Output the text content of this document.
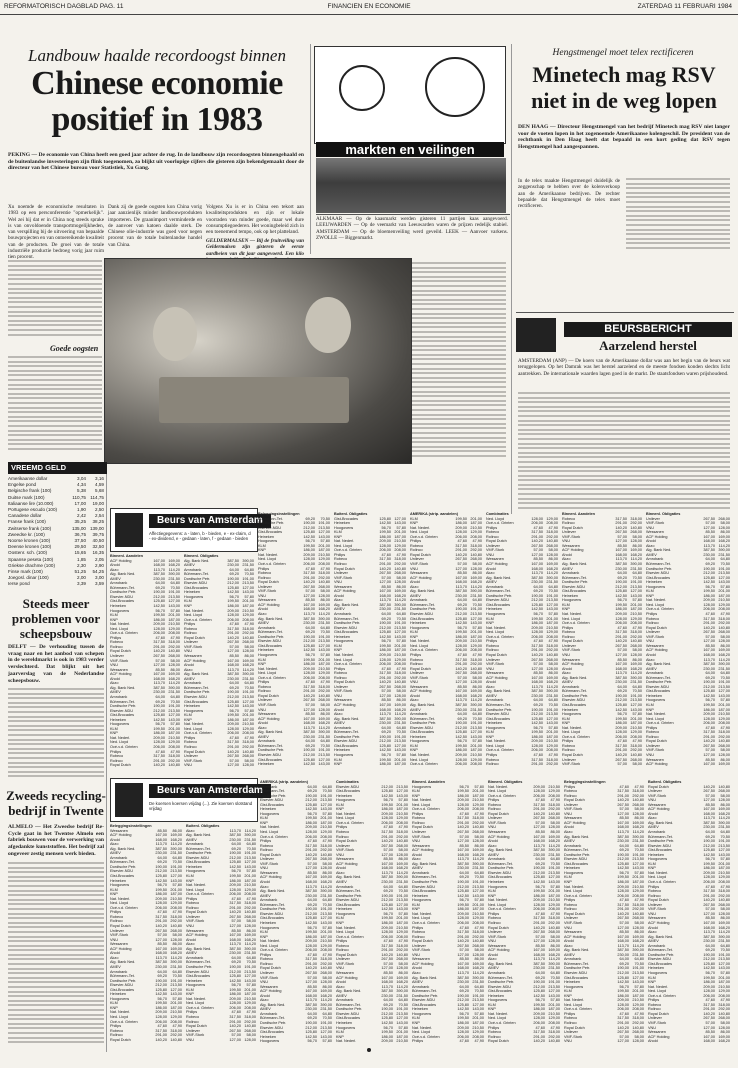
REFORMATORISCH DAGBLAD PAG. 11	FINANCIEN EN ECONOMIE	ZATERDAG 11 FEBRUARI 1984
Landbouw haalde recordoogst binnen
Chinese economie
positief in 1983
PEKING — De economie van China heeft een goed jaar achter de rug. In de landbouw zijn recordoogsten binnengehaald en de buitenlandse investeringen zijn flink toegenomen, zo blijkt uit voorlopige cijfers die gisteren zijn bekendgemaakt door de directeur van het Chinese bureau voor Statistiek, Xu Gang.
Xu noemde de economische resultaten in 1983 op een persconferentie "opmerkelijk". Wel zei hij dat er in China nog steeds sprake is van onvoldoende transportmogelijkheden, van verspilling bij de uitvoering van bepaalde bouwprojecten en van ontoereikende kwaliteit van de producten. De groei van de totale industriële productie bedroeg vorig jaar ruim tien procent.
Volgens Xu is er in China een tekort aan kwaliteitsprodukten en zijn er lokale voorraden van minder goede, maar wel dure consumptiegoederen. Het woningbeleid zich in een toenemend tempo, ook op het platteland.
GELDERMALSEN — Bij de fruitveiling van Geldermalsen zijn gisteren de eerste aardbeien van dit jaar aangevoerd. Een kilo
Dank zij de goede oogsten kon China vorig jaar aanzienlijk minder landbouwprodukten importeren. De graanimport verminderde en de aanvoer van katoen daalde sterk. De Chinese olie-industrie was goed voor negen procent van de totale buitenlandse handel van China.
Goede oogsten
markten en veilingen
ALKMAAR — Op de kaasmarkt werden gisteren 11 partijen kaas aangevoerd. LEEUWARDEN — Op de veemarkt van Leeuwarden waren de prijzen redelijk stabiel. AMSTERDAM — Op de bloemenveiling werd geveild. LEEK — Aanvoer varkens. ZWOLLE — Biggenmarkt.
Hengstmengel moet telex rectificeren
Minetech mag RSV
niet in de weg lopen
DEN HAAG — Directeur Hengstmengel van het bedrijf Minetech mag RSV niet langer voor de voeten lopen in het zogenoemde Amerikaanse kolengeschil. De president van de rechtbank in Den Haag heeft dat bepaald in een kort geding dat RSV tegen Hengstmengel had aangespannen.
In de telex maakte Hengstmengel duidelijk de zeggenschap te hebben over de kolenverkoop aan de Amerikaanse bedrijven. De rechter bepaalde dat Hengstmengel de telex moet rectificeren.
BEURSBERICHT
Aarzelend herstel
AMSTERDAM (ANP) — De koers van de Amerikaanse dollar was aan het begin van de beurs wat teruggelopen. Op het Damrak was het herstel aarzelend en de meeste fondsen konden slechts licht aantrekken. De internationale waarden lagen goed in de markt. De staatsfondsen waren prijshoudend.
VREEMD GELD
Amerikaanse dollar	3,04	3,16
Engelse pond	4,34	4,59
Belgische frank (100)	5,38	5,68
Duitse mark (100)	110,75 114,75
Italiaanse lire (10.000)	17,00	19,00
Portugese escudo (100)	1,90	2,50
Canadese dollar	2,42	2,54
Franse frank (100)	35,25	38,25
Zwitserse frank (100)	135,00 139,00
Zweedse kr. (100)	36,75	39,75
Noorse kronen (100)	37,50	40,50
Deense kronen (100)	29,50	32,50
Oostenr. sch. (100)	15,65	16,35
Spaanse peseta (100)	1,85	2,05
Griekse drachme (100)	2,30	2,90
Finse mark (100)	51,25	54,25
Joegosl. dinar (100)	2,00	3,00
Ierse pond	3,39	3,59
Steeds meer problemen voor scheepsbouw
DELFT — De verhouding tussen de vraag naar en het aanbod van schepen in de wereldmarkt is ook in 1983 verder verslechterd. Dat blijkt uit het jaarverslag van de Nederlandse scheepsbouw.
Zweeds recycling-bedrijf in Twente
ALMELO — Het Zweedse bedrijf Re-Cycle gaat in het Twentse Almelo een fabriek bouwen voor de verwerking van afgedankte kunststoffen. Het bedrijf zal ongeveer zestig mensen werk bieden.
Beurs van Amsterdam
Affectiegegevens: a - laten, b - bieden, e - ex-claim, d - ex-dividend, e - gedaan - laten, f - gedaan - bieden
Beurs van Amsterdam
De koersen koersen vrijdag (...). Zie koersen slotstand vrijdag
Binnenl. Aandelen
ACF Holding	167,00 169,00
Ahold	168,00 168,20
Akzo	113,70 114,20
Alg. Bank Ned.	387,50 390,00
AMEV	230,00 231,50
Amrobank	64,00	64,80
Bührmann-Tet.	69,20	70,50
Dordtsche Petr.	190,00 191,00
Elsevier-NDU	212,00 213,50
Gist-Brocades	125,80 127,00
Heineken	142,50 143,00
Hoogovens	56,70	57,80
KLM	199,50 201,00
KNP	186,00 187,00
Nat. Nederl.	209,00 210,50
Ned. Lloyd	128,00 129,00
Océ-v.d. Grinten	206,00 208,00
Philips	47,60	47,90
Robeco	317,50 318,00
Rolinco	291,00 292,00
Royal Dutch	140,20 140,80
Unilever	267,50 268,00
VMF-Stork	57,00	58,00
VNU	127,00 128,00
Wessanen	85,50	86,00
ACF Holding	167,00 169,00
Ahold	168,00 168,20
Akzo	113,70 114,20
Alg. Bank Ned.	387,50 390,00
AMEV	230,00 231,50
Amrobank	64,00	64,80
Bührmann-Tet.	69,20	70,50
Dordtsche Petr.	190,00 191,00
Elsevier-NDU	212,00 213,50
Gist-Brocades	125,80 127,00
Heineken	142,50 143,00
Hoogovens	56,70	57,80
KLM	199,50 201,00
KNP	186,00 187,00
Nat. Nederl.	209,00 210,50
Ned. Lloyd	128,00 129,00
Océ-v.d. Grinten	206,00 208,00
Philips	47,60	47,90
Robeco	317,50 318,00
Rolinco	291,00 292,00
Royal Dutch	140,20 140,80
Binnenl. Obligaties
Alg. Bank Ned.	387,50 390,00
AMEV	230,00 231,50
Amrobank	64,00	64,80
Bührmann-Tet.	69,20	70,50
Dordtsche Petr.	190,00 191,00
Elsevier-NDU	212,00 213,50
Gist-Brocades	125,80 127,00
Heineken	142,50 143,00
Hoogovens	56,70	57,80
KLM	199,50 201,00
KNP	186,00 187,00
Nat. Nederl.	209,00 210,50
Ned. Lloyd	128,00 129,00
Océ-v.d. Grinten	206,00 208,00
Philips	47,60	47,90
Robeco	317,50 318,00
Rolinco	291,00 292,00
Royal Dutch	140,20 140,80
Unilever	267,50 268,00
VMF-Stork	57,00	58,00
VNU	127,00 128,00
Wessanen	85,50	86,00
ACF Holding	167,00 169,00
Ahold	168,00 168,20
Akzo	113,70 114,20
Alg. Bank Ned.	387,50 390,00
AMEV	230,00 231,50
Amrobank	64,00	64,80
Bührmann-Tet.	69,20	70,50
Dordtsche Petr.	190,00 191,00
Elsevier-NDU	212,00 213,50
Gist-Brocades	125,80 127,00
Heineken	142,50 143,00
Hoogovens	56,70	57,80
KLM	199,50 201,00
KNP	186,00 187,00
Nat. Nederl.	209,00 210,50
Ned. Lloyd	128,00 129,00
Océ-v.d. Grinten	206,00 208,00
Philips	47,60	47,90
Robeco	317,50 318,00
Rolinco	291,00 292,00
Royal Dutch	140,20 140,80
Unilever	267,50 268,00
VMF-Stork	57,00	58,00
VNU	127,00 128,00
Beleggingsinstellingen
Bührmann-Tet.	69,20	70,50
Dordtsche Petr.	190,00 191,00
Elsevier-NDU	212,00 213,50
Gist-Brocades	125,80 127,00
Heineken	142,50 143,00
Hoogovens	56,70	57,80
KLM	199,50 201,00
KNP	186,00 187,00
Nat. Nederl.	209,00 210,50
Ned. Lloyd	128,00 129,00
Océ-v.d. Grinten	206,00 208,00
Philips	47,60	47,90
Robeco	317,50 318,00
Rolinco	291,00 292,00
Royal Dutch	140,20 140,80
Unilever	267,50 268,00
VMF-Stork	57,00	58,00
VNU	127,00 128,00
Wessanen	85,50	86,00
ACF Holding	167,00 169,00
Ahold	168,00 168,20
Akzo	113,70 114,20
Alg. Bank Ned.	387,50 390,00
AMEV	230,00 231,50
Amrobank	64,00	64,80
Bührmann-Tet.	69,20	70,50
Dordtsche Petr.	190,00 191,00
Elsevier-NDU	212,00 213,50
Gist-Brocades	125,80 127,00
Heineken	142,50 143,00
Hoogovens	56,70	57,80
KLM	199,50 201,00
KNP	186,00 187,00
Nat. Nederl.	209,00 210,50
Ned. Lloyd	128,00 129,00
Océ-v.d. Grinten	206,00 208,00
Philips	47,60	47,90
Robeco	317,50 318,00
Rolinco	291,00 292,00
Royal Dutch	140,20 140,80
Unilever	267,50 268,00
VMF-Stork	57,00	58,00
VNU	127,00 128,00
Wessanen	85,50	86,00
ACF Holding	167,00 169,00
Ahold	168,00 168,20
Akzo	113,70 114,20
Alg. Bank Ned.	387,50 390,00
AMEV	230,00 231,50
Amrobank	64,00	64,80
Bührmann-Tet.	69,20	70,50
Dordtsche Petr.	190,00 191,00
Elsevier-NDU	212,00 213,50
Gist-Brocades	125,80 127,00
Heineken	142,50 143,00
Buitenl. Obligaties
Gist-Brocades	125,80 127,00
Heineken	142,50 143,00
Hoogovens	56,70	57,80
KLM	199,50 201,00
KNP	186,00 187,00
Nat. Nederl.	209,00 210,50
Ned. Lloyd	128,00 129,00
Océ-v.d. Grinten	206,00 208,00
Philips	47,60	47,90
Robeco	317,50 318,00
Rolinco	291,00 292,00
Royal Dutch	140,20 140,80
Unilever	267,50 268,00
VMF-Stork	57,00	58,00
VNU	127,00 128,00
Wessanen	85,50	86,00
ACF Holding	167,00 169,00
Ahold	168,00 168,20
Akzo	113,70 114,20
Alg. Bank Ned.	387,50 390,00
AMEV	230,00 231,50
Amrobank	64,00	64,80
Bührmann-Tet.	69,20	70,50
Dordtsche Petr.	190,00 191,00
Elsevier-NDU	212,00 213,50
Gist-Brocades	125,80 127,00
Heineken	142,50 143,00
Hoogovens	56,70	57,80
KLM	199,50 201,00
KNP	186,00 187,00
Nat. Nederl.	209,00 210,50
Ned. Lloyd	128,00 129,00
Océ-v.d. Grinten	206,00 208,00
Philips	47,60	47,90
Robeco	317,50 318,00
Rolinco	291,00 292,00
Royal Dutch	140,20 140,80
Unilever	267,50 268,00
VMF-Stork	57,00	58,00
VNU	127,00 128,00
Wessanen	85,50	86,00
ACF Holding	167,00 169,00
Ahold	168,00 168,20
Akzo	113,70 114,20
Alg. Bank Ned.	387,50 390,00
AMEV	230,00 231,50
Amrobank	64,00	64,80
Bührmann-Tet.	69,20	70,50
Dordtsche Petr.	190,00 191,00
Elsevier-NDU	212,00 213,50
Gist-Brocades	125,80 127,00
Heineken	142,50 143,00
Hoogovens	56,70	57,80
KLM	199,50 201,00
KNP	186,00 187,00
AMERIKA (strip. aandelen)
KLM	199,50 201,00
KNP	186,00 187,00
Nat. Nederl.	209,00 210,50
Ned. Lloyd	128,00 129,00
Océ-v.d. Grinten	206,00 208,00
Philips	47,60	47,90
Robeco	317,50 318,00
Rolinco	291,00 292,00
Royal Dutch	140,20 140,80
Unilever	267,50 268,00
VMF-Stork	57,00	58,00
VNU	127,00 128,00
Wessanen	85,50	86,00
ACF Holding	167,00 169,00
Ahold	168,00 168,20
Akzo	113,70 114,20
Alg. Bank Ned.	387,50 390,00
AMEV	230,00 231,50
Amrobank	64,00	64,80
Bührmann-Tet.	69,20	70,50
Dordtsche Petr.	190,00 191,00
Elsevier-NDU	212,00 213,50
Gist-Brocades	125,80 127,00
Heineken	142,50 143,00
Hoogovens	56,70	57,80
KLM	199,50 201,00
KNP	186,00 187,00
Nat. Nederl.	209,00 210,50
Ned. Lloyd	128,00 129,00
Océ-v.d. Grinten	206,00 208,00
Philips	47,60	47,90
Robeco	317,50 318,00
Rolinco	291,00 292,00
Royal Dutch	140,20 140,80
Unilever	267,50 268,00
VMF-Stork	57,00	58,00
VNU	127,00 128,00
Wessanen	85,50	86,00
ACF Holding	167,00 169,00
Ahold	168,00 168,20
Akzo	113,70 114,20
Alg. Bank Ned.	387,50 390,00
AMEV	230,00 231,50
Amrobank	64,00	64,80
Bührmann-Tet.	69,20	70,50
Dordtsche Petr.	190,00 191,00
Elsevier-NDU	212,00 213,50
Gist-Brocades	125,80 127,00
Heineken	142,50 143,00
Hoogovens	56,70	57,80
KLM	199,50 201,00
KNP	186,00 187,00
Nat. Nederl.	209,00 210,50
Ned. Lloyd	128,00 129,00
Océ-v.d. Grinten	206,00 208,00
Combinaties
Ned. Lloyd	128,00 129,00
Océ-v.d. Grinten	206,00 208,00
Philips	47,60	47,90
Robeco	317,50 318,00
Rolinco	291,00 292,00
Royal Dutch	140,20 140,80
Unilever	267,50 268,00
VMF-Stork	57,00	58,00
VNU	127,00 128,00
Wessanen	85,50	86,00
ACF Holding	167,00 169,00
Ahold	168,00 168,20
Akzo	113,70 114,20
Alg. Bank Ned.	387,50 390,00
AMEV	230,00 231,50
Amrobank	64,00	64,80
Bührmann-Tet.	69,20	70,50
Dordtsche Petr.	190,00 191,00
Elsevier-NDU	212,00 213,50
Gist-Brocades	125,80 127,00
Heineken	142,50 143,00
Hoogovens	56,70	57,80
KLM	199,50 201,00
KNP	186,00 187,00
Nat. Nederl.	209,00 210,50
Ned. Lloyd	128,00 129,00
Océ-v.d. Grinten	206,00 208,00
Philips	47,60	47,90
Robeco	317,50 318,00
Rolinco	291,00 292,00
Royal Dutch	140,20 140,80
Unilever	267,50 268,00
VMF-Stork	57,00	58,00
VNU	127,00 128,00
Wessanen	85,50	86,00
ACF Holding	167,00 169,00
Ahold	168,00 168,20
Akzo	113,70 114,20
Alg. Bank Ned.	387,50 390,00
AMEV	230,00 231,50
Amrobank	64,00	64,80
Bührmann-Tet.	69,20	70,50
Dordtsche Petr.	190,00 191,00
Elsevier-NDU	212,00 213,50
Gist-Brocades	125,80 127,00
Heineken	142,50 143,00
Hoogovens	56,70	57,80
KLM	199,50 201,00
KNP	186,00 187,00
Nat. Nederl.	209,00 210,50
Ned. Lloyd	128,00 129,00
Océ-v.d. Grinten	206,00 208,00
Philips	47,60	47,90
Robeco	317,50 318,00
Rolinco	291,00 292,00
Binnenl. Aandelen
Robeco	317,50 318,00
Rolinco	291,00 292,00
Royal Dutch	140,20 140,80
Unilever	267,50 268,00
VMF-Stork	57,00	58,00
VNU	127,00 128,00
Wessanen	85,50	86,00
ACF Holding	167,00 169,00
Ahold	168,00 168,20
Akzo	113,70 114,20
Alg. Bank Ned.	387,50 390,00
AMEV	230,00 231,50
Amrobank	64,00	64,80
Bührmann-Tet.	69,20	70,50
Dordtsche Petr.	190,00 191,00
Elsevier-NDU	212,00 213,50
Gist-Brocades	125,80 127,00
Heineken	142,50 143,00
Hoogovens	56,70	57,80
KLM	199,50 201,00
KNP	186,00 187,00
Nat. Nederl.	209,00 210,50
Ned. Lloyd	128,00 129,00
Océ-v.d. Grinten	206,00 208,00
Philips	47,60	47,90
Robeco	317,50 318,00
Rolinco	291,00 292,00
Royal Dutch	140,20 140,80
Unilever	267,50 268,00
VMF-Stork	57,00	58,00
VNU	127,00 128,00
Wessanen	85,50	86,00
ACF Holding	167,00 169,00
Ahold	168,00 168,20
Akzo	113,70 114,20
Alg. Bank Ned.	387,50 390,00
AMEV	230,00 231,50
Amrobank	64,00	64,80
Bührmann-Tet.	69,20	70,50
Dordtsche Petr.	190,00 191,00
Elsevier-NDU	212,00 213,50
Gist-Brocades	125,80 127,00
Heineken	142,50 143,00
Hoogovens	56,70	57,80
KLM	199,50 201,00
KNP	186,00 187,00
Nat. Nederl.	209,00 210,50
Ned. Lloyd	128,00 129,00
Océ-v.d. Grinten	206,00 208,00
Philips	47,60	47,90
Robeco	317,50 318,00
Rolinco	291,00 292,00
Royal Dutch	140,20 140,80
Unilever	267,50 268,00
VMF-Stork	57,00	58,00
Binnenl. Obligaties
Unilever	267,50 268,00
VMF-Stork	57,00	58,00
VNU	127,00 128,00
Wessanen	85,50	86,00
ACF Holding	167,00 169,00
Ahold	168,00 168,20
Akzo	113,70 114,20
Alg. Bank Ned.	387,50 390,00
AMEV	230,00 231,50
Amrobank	64,00	64,80
Bührmann-Tet.	69,20	70,50
Dordtsche Petr.	190,00 191,00
Elsevier-NDU	212,00 213,50
Gist-Brocades	125,80 127,00
Heineken	142,50 143,00
Hoogovens	56,70	57,80
KLM	199,50 201,00
KNP	186,00 187,00
Nat. Nederl.	209,00 210,50
Ned. Lloyd	128,00 129,00
Océ-v.d. Grinten	206,00 208,00
Philips	47,60	47,90
Robeco	317,50 318,00
Rolinco	291,00 292,00
Royal Dutch	140,20 140,80
Unilever	267,50 268,00
VMF-Stork	57,00	58,00
VNU	127,00 128,00
Wessanen	85,50	86,00
ACF Holding	167,00 169,00
Ahold	168,00 168,20
Akzo	113,70 114,20
Alg. Bank Ned.	387,50 390,00
AMEV	230,00 231,50
Amrobank	64,00	64,80
Bührmann-Tet.	69,20	70,50
Dordtsche Petr.	190,00 191,00
Elsevier-NDU	212,00 213,50
Gist-Brocades	125,80 127,00
Heineken	142,50 143,00
Hoogovens	56,70	57,80
KLM	199,50 201,00
KNP	186,00 187,00
Nat. Nederl.	209,00 210,50
Ned. Lloyd	128,00 129,00
Océ-v.d. Grinten	206,00 208,00
Philips	47,60	47,90
Robeco	317,50 318,00
Rolinco	291,00 292,00
Royal Dutch	140,20 140,80
Unilever	267,50 268,00
VMF-Stork	57,00	58,00
VNU	127,00 128,00
Wessanen	85,50	86,00
ACF Holding	167,00 169,00
Beleggingsinstellingen
Wessanen	85,50	86,00
ACF Holding	167,00 169,00
Ahold	168,00 168,20
Akzo	113,70 114,20
Alg. Bank Ned.	387,50 390,00
AMEV	230,00 231,50
Amrobank	64,00	64,80
Bührmann-Tet.	69,20	70,50
Dordtsche Petr.	190,00 191,00
Elsevier-NDU	212,00 213,50
Gist-Brocades	125,80 127,00
Heineken	142,50 143,00
Hoogovens	56,70	57,80
KLM	199,50 201,00
KNP	186,00 187,00
Nat. Nederl.	209,00 210,50
Ned. Lloyd	128,00 129,00
Océ-v.d. Grinten	206,00 208,00
Philips	47,60	47,90
Robeco	317,50 318,00
Rolinco	291,00 292,00
Royal Dutch	140,20 140,80
Unilever	267,50 268,00
VMF-Stork	57,00	58,00
VNU	127,00 128,00
Wessanen	85,50	86,00
ACF Holding	167,00 169,00
Ahold	168,00 168,20
Akzo	113,70 114,20
Alg. Bank Ned.	387,50 390,00
AMEV	230,00 231,50
Amrobank	64,00	64,80
Bührmann-Tet.	69,20	70,50
Dordtsche Petr.	190,00 191,00
Elsevier-NDU	212,00 213,50
Gist-Brocades	125,80 127,00
Heineken	142,50 143,00
Hoogovens	56,70	57,80
KLM	199,50 201,00
KNP	186,00 187,00
Nat. Nederl.	209,00 210,50
Ned. Lloyd	128,00 129,00
Océ-v.d. Grinten	206,00 208,00
Philips	47,60	47,90
Robeco	317,50 318,00
Rolinco	291,00 292,00
Royal Dutch	140,20 140,80
Buitenl. Obligaties
Akzo	113,70 114,20
Alg. Bank Ned.	387,50 390,00
AMEV	230,00 231,50
Amrobank	64,00	64,80
Bührmann-Tet.	69,20	70,50
Dordtsche Petr.	190,00 191,00
Elsevier-NDU	212,00 213,50
Gist-Brocades	125,80 127,00
Heineken	142,50 143,00
Hoogovens	56,70	57,80
KLM	199,50 201,00
KNP	186,00 187,00
Nat. Nederl.	209,00 210,50
Ned. Lloyd	128,00 129,00
Océ-v.d. Grinten	206,00 208,00
Philips	47,60	47,90
Robeco	317,50 318,00
Rolinco	291,00 292,00
Royal Dutch	140,20 140,80
Unilever	267,50 268,00
VMF-Stork	57,00	58,00
VNU	127,00 128,00
Wessanen	85,50	86,00
ACF Holding	167,00 169,00
Ahold	168,00 168,20
Akzo	113,70 114,20
Alg. Bank Ned.	387,50 390,00
AMEV	230,00 231,50
Amrobank	64,00	64,80
Bührmann-Tet.	69,20	70,50
Dordtsche Petr.	190,00 191,00
Elsevier-NDU	212,00 213,50
Gist-Brocades	125,80 127,00
Heineken	142,50 143,00
Hoogovens	56,70	57,80
KLM	199,50 201,00
KNP	186,00 187,00
Nat. Nederl.	209,00 210,50
Ned. Lloyd	128,00 129,00
Océ-v.d. Grinten	206,00 208,00
Philips	47,60	47,90
Robeco	317,50 318,00
Rolinco	291,00 292,00
Royal Dutch	140,20 140,80
Unilever	267,50 268,00
VMF-Stork	57,00	58,00
VNU	127,00 128,00
AMERIKA (strip. aandelen)
Amrobank	64,00	64,80
Bührmann-Tet.	69,20	70,50
Dordtsche Petr.	190,00 191,00
Elsevier-NDU	212,00 213,50
Gist-Brocades	125,80 127,00
Heineken	142,50 143,00
Hoogovens	56,70	57,80
KLM	199,50 201,00
KNP	186,00 187,00
Nat. Nederl.	209,00 210,50
Ned. Lloyd	128,00 129,00
Océ-v.d. Grinten	206,00 208,00
Philips	47,60	47,90
Robeco	317,50 318,00
Rolinco	291,00 292,00
Royal Dutch	140,20 140,80
Unilever	267,50 268,00
VMF-Stork	57,00	58,00
VNU	127,00 128,00
Wessanen	85,50	86,00
ACF Holding	167,00 169,00
Ahold	168,00 168,20
Akzo	113,70 114,20
Alg. Bank Ned.	387,50 390,00
AMEV	230,00 231,50
Amrobank	64,00	64,80
Bührmann-Tet.	69,20	70,50
Dordtsche Petr.	190,00 191,00
Elsevier-NDU	212,00 213,50
Gist-Brocades	125,80 127,00
Heineken	142,50 143,00
Hoogovens	56,70	57,80
KLM	199,50 201,00
KNP	186,00 187,00
Nat. Nederl.	209,00 210,50
Ned. Lloyd	128,00 129,00
Océ-v.d. Grinten	206,00 208,00
Philips	47,60	47,90
Robeco	317,50 318,00
Rolinco	291,00 292,00
Royal Dutch	140,20 140,80
Unilever	267,50 268,00
VMF-Stork	57,00	58,00
VNU	127,00 128,00
Wessanen	85,50	86,00
ACF Holding	167,00 169,00
Ahold	168,00 168,20
Akzo	113,70 114,20
Alg. Bank Ned.	387,50 390,00
AMEV	230,00 231,50
Amrobank	64,00	64,80
Bührmann-Tet.	69,20	70,50
Dordtsche Petr.	190,00 191,00
Elsevier-NDU	212,00 213,50
Gist-Brocades	125,80 127,00
Heineken	142,50 143,00
Hoogovens	56,70	57,80
Combinaties
Elsevier-NDU	212,00 213,50
Gist-Brocades	125,80 127,00
Heineken	142,50 143,00
Hoogovens	56,70	57,80
KLM	199,50 201,00
KNP	186,00 187,00
Nat. Nederl.	209,00 210,50
Ned. Lloyd	128,00 129,00
Océ-v.d. Grinten	206,00 208,00
Philips	47,60	47,90
Robeco	317,50 318,00
Rolinco	291,00 292,00
Royal Dutch	140,20 140,80
Unilever	267,50 268,00
VMF-Stork	57,00	58,00
VNU	127,00 128,00
Wessanen	85,50	86,00
ACF Holding	167,00 169,00
Ahold	168,00 168,20
Akzo	113,70 114,20
Alg. Bank Ned.	387,50 390,00
AMEV	230,00 231,50
Amrobank	64,00	64,80
Bührmann-Tet.	69,20	70,50
Dordtsche Petr.	190,00 191,00
Elsevier-NDU	212,00 213,50
Gist-Brocades	125,80 127,00
Heineken	142,50 143,00
Hoogovens	56,70	57,80
KLM	199,50 201,00
KNP	186,00 187,00
Nat. Nederl.	209,00 210,50
Ned. Lloyd	128,00 129,00
Océ-v.d. Grinten	206,00 208,00
Philips	47,60	47,90
Robeco	317,50 318,00
Rolinco	291,00 292,00
Royal Dutch	140,20 140,80
Unilever	267,50 268,00
VMF-Stork	57,00	58,00
VNU	127,00 128,00
Wessanen	85,50	86,00
ACF Holding	167,00 169,00
Ahold	168,00 168,20
Akzo	113,70 114,20
Alg. Bank Ned.	387,50 390,00
AMEV	230,00 231,50
Amrobank	64,00	64,80
Bührmann-Tet.	69,20	70,50
Dordtsche Petr.	190,00 191,00
Elsevier-NDU	212,00 213,50
Gist-Brocades	125,80 127,00
Heineken	142,50 143,00
Hoogovens	56,70	57,80
KLM	199,50 201,00
KNP	186,00 187,00
Nat. Nederl.	209,00 210,50
Binnenl. Aandelen
Hoogovens	56,70	57,80
KLM	199,50 201,00
KNP	186,00 187,00
Nat. Nederl.	209,00 210,50
Ned. Lloyd	128,00 129,00
Océ-v.d. Grinten	206,00 208,00
Philips	47,60	47,90
Robeco	317,50 318,00
Rolinco	291,00 292,00
Royal Dutch	140,20 140,80
Unilever	267,50 268,00
VMF-Stork	57,00	58,00
VNU	127,00 128,00
Wessanen	85,50	86,00
ACF Holding	167,00 169,00
Ahold	168,00 168,20
Akzo	113,70 114,20
Alg. Bank Ned.	387,50 390,00
AMEV	230,00 231,50
Amrobank	64,00	64,80
Bührmann-Tet.	69,20	70,50
Dordtsche Petr.	190,00 191,00
Elsevier-NDU	212,00 213,50
Gist-Brocades	125,80 127,00
Heineken	142,50 143,00
Hoogovens	56,70	57,80
KLM	199,50 201,00
KNP	186,00 187,00
Nat. Nederl.	209,00 210,50
Ned. Lloyd	128,00 129,00
Océ-v.d. Grinten	206,00 208,00
Philips	47,60	47,90
Robeco	317,50 318,00
Rolinco	291,00 292,00
Royal Dutch	140,20 140,80
Unilever	267,50 268,00
VMF-Stork	57,00	58,00
VNU	127,00 128,00
Wessanen	85,50	86,00
ACF Holding	167,00 169,00
Ahold	168,00 168,20
Akzo	113,70 114,20
Alg. Bank Ned.	387,50 390,00
AMEV	230,00 231,50
Amrobank	64,00	64,80
Bührmann-Tet.	69,20	70,50
Dordtsche Petr.	190,00 191,00
Elsevier-NDU	212,00 213,50
Gist-Brocades	125,80 127,00
Heineken	142,50 143,00
Hoogovens	56,70	57,80
KLM	199,50 201,00
KNP	186,00 187,00
Nat. Nederl.	209,00 210,50
Ned. Lloyd	128,00 129,00
Océ-v.d. Grinten	206,00 208,00
Philips	47,60	47,90
Binnenl. Obligaties
Nat. Nederl.	209,00 210,50
Ned. Lloyd	128,00 129,00
Océ-v.d. Grinten	206,00 208,00
Philips	47,60	47,90
Robeco	317,50 318,00
Rolinco	291,00 292,00
Royal Dutch	140,20 140,80
Unilever	267,50 268,00
VMF-Stork	57,00	58,00
VNU	127,00 128,00
Wessanen	85,50	86,00
ACF Holding	167,00 169,00
Ahold	168,00 168,20
Akzo	113,70 114,20
Alg. Bank Ned.	387,50 390,00
AMEV	230,00 231,50
Amrobank	64,00	64,80
Bührmann-Tet.	69,20	70,50
Dordtsche Petr.	190,00 191,00
Elsevier-NDU	212,00 213,50
Gist-Brocades	125,80 127,00
Heineken	142,50 143,00
Hoogovens	56,70	57,80
KLM	199,50 201,00
KNP	186,00 187,00
Nat. Nederl.	209,00 210,50
Ned. Lloyd	128,00 129,00
Océ-v.d. Grinten	206,00 208,00
Philips	47,60	47,90
Robeco	317,50 318,00
Rolinco	291,00 292,00
Royal Dutch	140,20 140,80
Unilever	267,50 268,00
VMF-Stork	57,00	58,00
VNU	127,00 128,00
Wessanen	85,50	86,00
ACF Holding	167,00 169,00
Ahold	168,00 168,20
Akzo	113,70 114,20
Alg. Bank Ned.	387,50 390,00
AMEV	230,00 231,50
Amrobank	64,00	64,80
Bührmann-Tet.	69,20	70,50
Dordtsche Petr.	190,00 191,00
Elsevier-NDU	212,00 213,50
Gist-Brocades	125,80 127,00
Heineken	142,50 143,00
Hoogovens	56,70	57,80
KLM	199,50 201,00
KNP	186,00 187,00
Nat. Nederl.	209,00 210,50
Ned. Lloyd	128,00 129,00
Océ-v.d. Grinten	206,00 208,00
Philips	47,60	47,90
Robeco	317,50 318,00
Rolinco	291,00 292,00
Royal Dutch	140,20 140,80
Beleggingsinstellingen
Philips	47,60	47,90
Robeco	317,50 318,00
Rolinco	291,00 292,00
Royal Dutch	140,20 140,80
Unilever	267,50 268,00
VMF-Stork	57,00	58,00
VNU	127,00 128,00
Wessanen	85,50	86,00
ACF Holding	167,00 169,00
Ahold	168,00 168,20
Akzo	113,70 114,20
Alg. Bank Ned.	387,50 390,00
AMEV	230,00 231,50
Amrobank	64,00	64,80
Bührmann-Tet.	69,20	70,50
Dordtsche Petr.	190,00 191,00
Elsevier-NDU	212,00 213,50
Gist-Brocades	125,80 127,00
Heineken	142,50 143,00
Hoogovens	56,70	57,80
KLM	199,50 201,00
KNP	186,00 187,00
Nat. Nederl.	209,00 210,50
Ned. Lloyd	128,00 129,00
Océ-v.d. Grinten	206,00 208,00
Philips	47,60	47,90
Robeco	317,50 318,00
Rolinco	291,00 292,00
Royal Dutch	140,20 140,80
Unilever	267,50 268,00
VMF-Stork	57,00	58,00
VNU	127,00 128,00
Wessanen	85,50	86,00
ACF Holding	167,00 169,00
Ahold	168,00 168,20
Akzo	113,70 114,20
Alg. Bank Ned.	387,50 390,00
AMEV	230,00 231,50
Amrobank	64,00	64,80
Bührmann-Tet.	69,20	70,50
Dordtsche Petr.	190,00 191,00
Elsevier-NDU	212,00 213,50
Gist-Brocades	125,80 127,00
Heineken	142,50 143,00
Hoogovens	56,70	57,80
KLM	199,50 201,00
KNP	186,00 187,00
Nat. Nederl.	209,00 210,50
Ned. Lloyd	128,00 129,00
Océ-v.d. Grinten	206,00 208,00
Philips	47,60	47,90
Robeco	317,50 318,00
Rolinco	291,00 292,00
Royal Dutch	140,20 140,80
Unilever	267,50 268,00
VMF-Stork	57,00	58,00
VNU	127,00 128,00
Buitenl. Obligaties
Royal Dutch	140,20 140,80
Unilever	267,50 268,00
VMF-Stork	57,00	58,00
VNU	127,00 128,00
Wessanen	85,50	86,00
ACF Holding	167,00 169,00
Ahold	168,00 168,20
Akzo	113,70 114,20
Alg. Bank Ned.	387,50 390,00
AMEV	230,00 231,50
Amrobank	64,00	64,80
Bührmann-Tet.	69,20	70,50
Dordtsche Petr.	190,00 191,00
Elsevier-NDU	212,00 213,50
Gist-Brocades	125,80 127,00
Heineken	142,50 143,00
Hoogovens	56,70	57,80
KLM	199,50 201,00
KNP	186,00 187,00
Nat. Nederl.	209,00 210,50
Ned. Lloyd	128,00 129,00
Océ-v.d. Grinten	206,00 208,00
Philips	47,60	47,90
Robeco	317,50 318,00
Rolinco	291,00 292,00
Royal Dutch	140,20 140,80
Unilever	267,50 268,00
VMF-Stork	57,00	58,00
VNU	127,00 128,00
Wessanen	85,50	86,00
ACF Holding	167,00 169,00
Ahold	168,00 168,20
Akzo	113,70 114,20
Alg. Bank Ned.	387,50 390,00
AMEV	230,00 231,50
Amrobank	64,00	64,80
Bührmann-Tet.	69,20	70,50
Dordtsche Petr.	190,00 191,00
Elsevier-NDU	212,00 213,50
Gist-Brocades	125,80 127,00
Heineken	142,50 143,00
Hoogovens	56,70	57,80
KLM	199,50 201,00
KNP	186,00 187,00
Nat. Nederl.	209,00 210,50
Ned. Lloyd	128,00 129,00
Océ-v.d. Grinten	206,00 208,00
Philips	47,60	47,90
Robeco	317,50 318,00
Rolinco	291,00 292,00
Royal Dutch	140,20 140,80
Unilever	267,50 268,00
VMF-Stork	57,00	58,00
VNU	127,00 128,00
Wessanen	85,50	86,00
ACF Holding	167,00 169,00
Ahold	168,00 168,20
